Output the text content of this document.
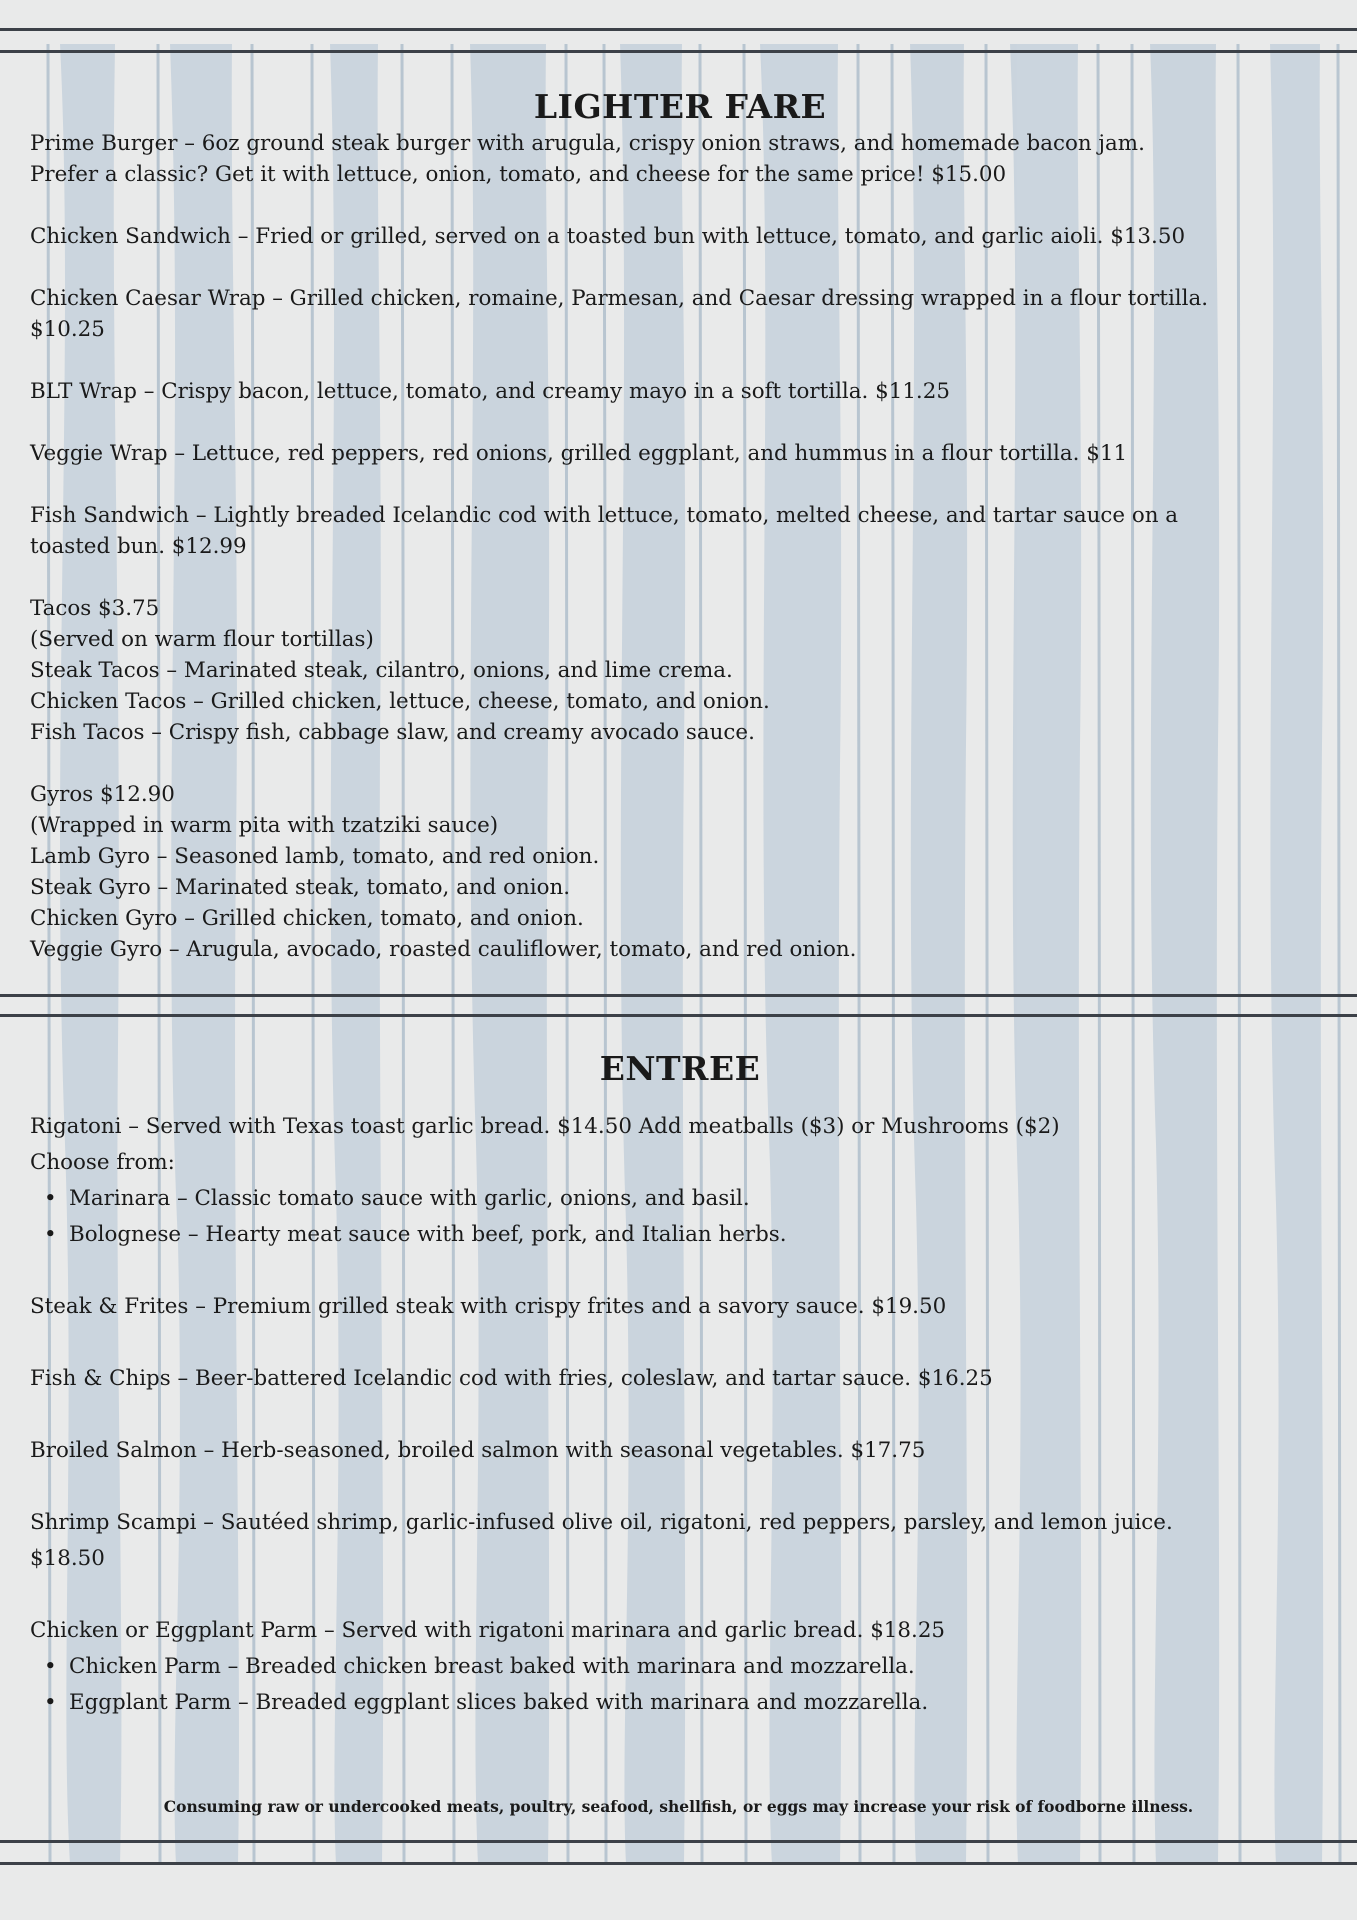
LIGHTER FARE
Prime Burger – 6oz ground steak burger with arugula, crispy onion straws, and homemade bacon jam.
Prefer a classic? Get it with lettuce, onion, tomato, and cheese for the same price! $15.00
Chicken Sandwich – Fried or grilled, served on a toasted bun with lettuce, tomato, and garlic aioli. $13.50
Chicken Caesar Wrap – Grilled chicken, romaine, Parmesan, and Caesar dressing wrapped in a flour tortilla.
$10.25
BLT Wrap – Crispy bacon, lettuce, tomato, and creamy mayo in a soft tortilla. $11.25
Veggie Wrap – Lettuce, red peppers, red onions, grilled eggplant, and hummus in a flour tortilla. $11
Fish Sandwich – Lightly breaded Icelandic cod with lettuce, tomato, melted cheese, and tartar sauce on a
toasted bun. $12.99
Tacos $3.75
(Served on warm flour tortillas)
Steak Tacos – Marinated steak, cilantro, onions, and lime crema.
Chicken Tacos – Grilled chicken, lettuce, cheese, tomato, and onion.
Fish Tacos – Crispy fish, cabbage slaw, and creamy avocado sauce.
Gyros $12.90
(Wrapped in warm pita with tzatziki sauce)
Lamb Gyro – Seasoned lamb, tomato, and red onion.
Steak Gyro – Marinated steak, tomato, and onion.
Chicken Gyro – Grilled chicken, tomato, and onion.
Veggie Gyro – Arugula, avocado, roasted cauliflower, tomato, and red onion.
ENTREE
Rigatoni – Served with Texas toast garlic bread. $14.50 Add meatballs ($3) or Mushrooms ($2)
Choose from:
• Marinara – Classic tomato sauce with garlic, onions, and basil.
• Bolognese – Hearty meat sauce with beef, pork, and Italian herbs.
Steak & Frites – Premium grilled steak with crispy frites and a savory sauce. $19.50
Fish & Chips – Beer-battered Icelandic cod with fries, coleslaw, and tartar sauce. $16.25
Broiled Salmon – Herb-seasoned, broiled salmon with seasonal vegetables. $17.75
Shrimp Scampi – Sautéed shrimp, garlic-infused olive oil, rigatoni, red peppers, parsley, and lemon juice.
$18.50
Chicken or Eggplant Parm – Served with rigatoni marinara and garlic bread. $18.25
• Chicken Parm – Breaded chicken breast baked with marinara and mozzarella.
• Eggplant Parm – Breaded eggplant slices baked with marinara and mozzarella.
Consuming raw or undercooked meats, poultry, seafood, shellfish, or eggs may increase your risk of foodborne illness.
